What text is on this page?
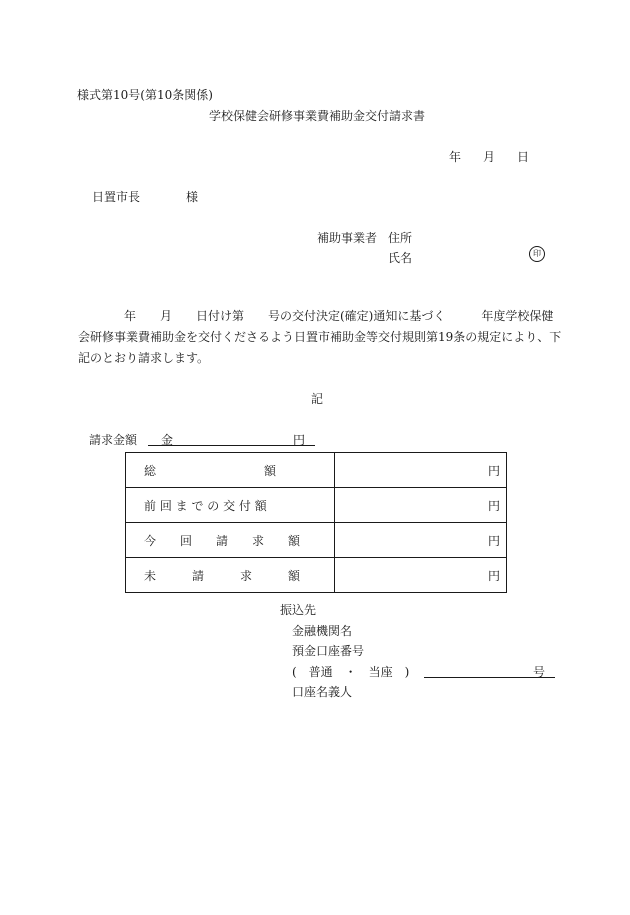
様式第10号(第10条関係)
学校保健会研修事業費補助金交付請求書
年 月 日
日置市長	様
補助事業者 住所
氏名	印
年　　月　　日付け第　　号の交付決定(確定)通知に基づく　　　年度学校保健
会研修事業費補助金を交付くださるよう日置市補助金等交付規則第19条の規定により、下
記のとおり請求します。
記
請求金額 金	円
総　　　　　　　　　額	円
前 回 ま で の 交 付 額	円
今　　回　　請　　求　　額	円
未　　　請　　　求　　　額	円
振込先
金融機関名
預金口座番号
(　普通　・　当座　)	号
口座名義人
